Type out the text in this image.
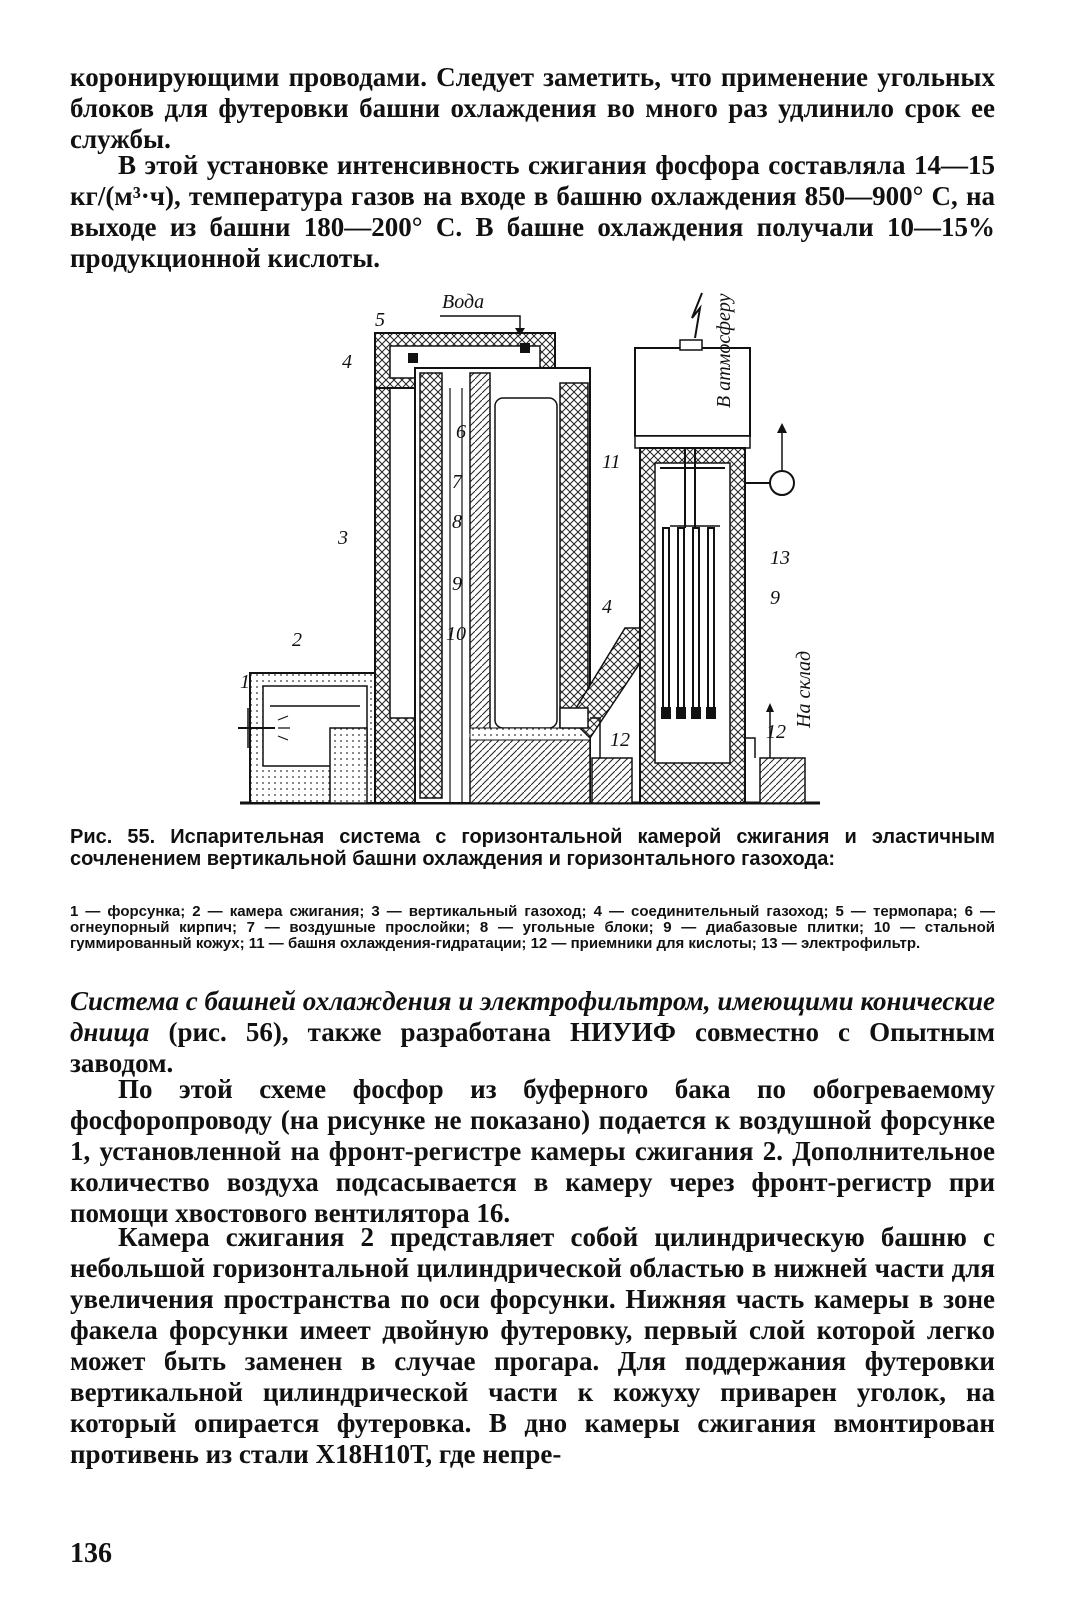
коронирующими проводами. Следует заметить, что применение угольных блоков для футеровки башни охлаждения во много раз удлинило срок ее службы.

В этой установке интенсивность сжигания фосфора составляла 14—15 кг/(м³·ч), температура газов на входе в башню охлаждения 850—900° С, на выходе из башни 180—200° С. В башне охлаждения получали 10—15% продукционной кислоты.

Вода	В атмосферу
На склад
1
2
3
4
5
6
7
8
9
10
11
12
13
4	9
12
Рис. 55. Испарительная система с горизонтальной камерой сжигания и эластичным сочленением вертикальной башни охлаждения и горизонтального газохода:
1 — форсунка; 2 — камера сжигания; 3 — вертикальный газоход; 4 — соединительный газоход; 5 — термопара; 6 — огнеупорный кирпич; 7 — воздушные прослойки; 8 — угольные блоки; 9 — диабазовые плитки; 10 — стальной гуммированный кожух; 11 — башня охлаждения-гидратации; 12 — приемники для кислоты; 13 — электрофильтр.

Система с башней охлаждения и электрофильтром, имеющими конические днища (рис. 56), также разработана НИУИФ совместно с Опытным заводом.

По этой схеме фосфор из буферного бака по обогреваемому фосфоропроводу (на рисунке не показано) подается к воздушной форсунке 1, установленной на фронт-регистре камеры сжигания 2. Дополнительное количество воздуха подсасывается в камеру через фронт-регистр при помощи хвостового вентилятора 16.

Камера сжигания 2 представляет собой цилиндрическую башню с небольшой горизонтальной цилиндрической областью в нижней части для увеличения пространства по оси форсунки. Нижняя часть камеры в зоне факела форсунки имеет двойную футеровку, первый слой которой легко может быть заменен в случае прогара. Для поддержания футеровки вертикальной цилиндрической части к кожуху приварен уголок, на который опирается футеровка. В дно камеры сжигания вмонтирован противень из стали Х18Н10Т, где непре-

136
